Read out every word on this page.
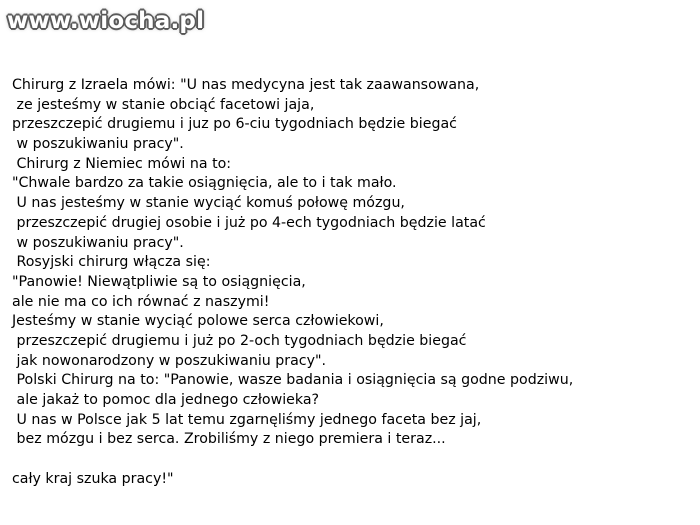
www.wiocha.pl
Chirurg z Izraela mówi: "U nas medycyna jest tak zaawansowana,
ze jesteśmy w stanie obciąć facetowi jaja,
przeszczepić drugiemu i juz po 6-ciu tygodniach będzie biegać
w poszukiwaniu pracy".
Chirurg z Niemiec mówi na to:
"Chwale bardzo za takie osiągnięcia, ale to i tak mało.
U nas jesteśmy w stanie wyciąć komuś połowę mózgu,
przeszczepić drugiej osobie i już po 4-ech tygodniach będzie latać
w poszukiwaniu pracy".
Rosyjski chirurg włącza się:
"Panowie! Niewątpliwie są to osiągnięcia,
ale nie ma co ich równać z naszymi!
Jesteśmy w stanie wyciąć polowe serca człowiekowi,
przeszczepić drugiemu i już po 2-och tygodniach będzie biegać
jak nowonarodzony w poszukiwaniu pracy".
Polski Chirurg na to: "Panowie, wasze badania i osiągnięcia są godne podziwu,
ale jakaż to pomoc dla jednego człowieka?
U nas w Polsce jak 5 lat temu zgarnęliśmy jednego faceta bez jaj,
bez mózgu i bez serca. Zrobiliśmy z niego premiera i teraz...
cały kraj szuka pracy!"
